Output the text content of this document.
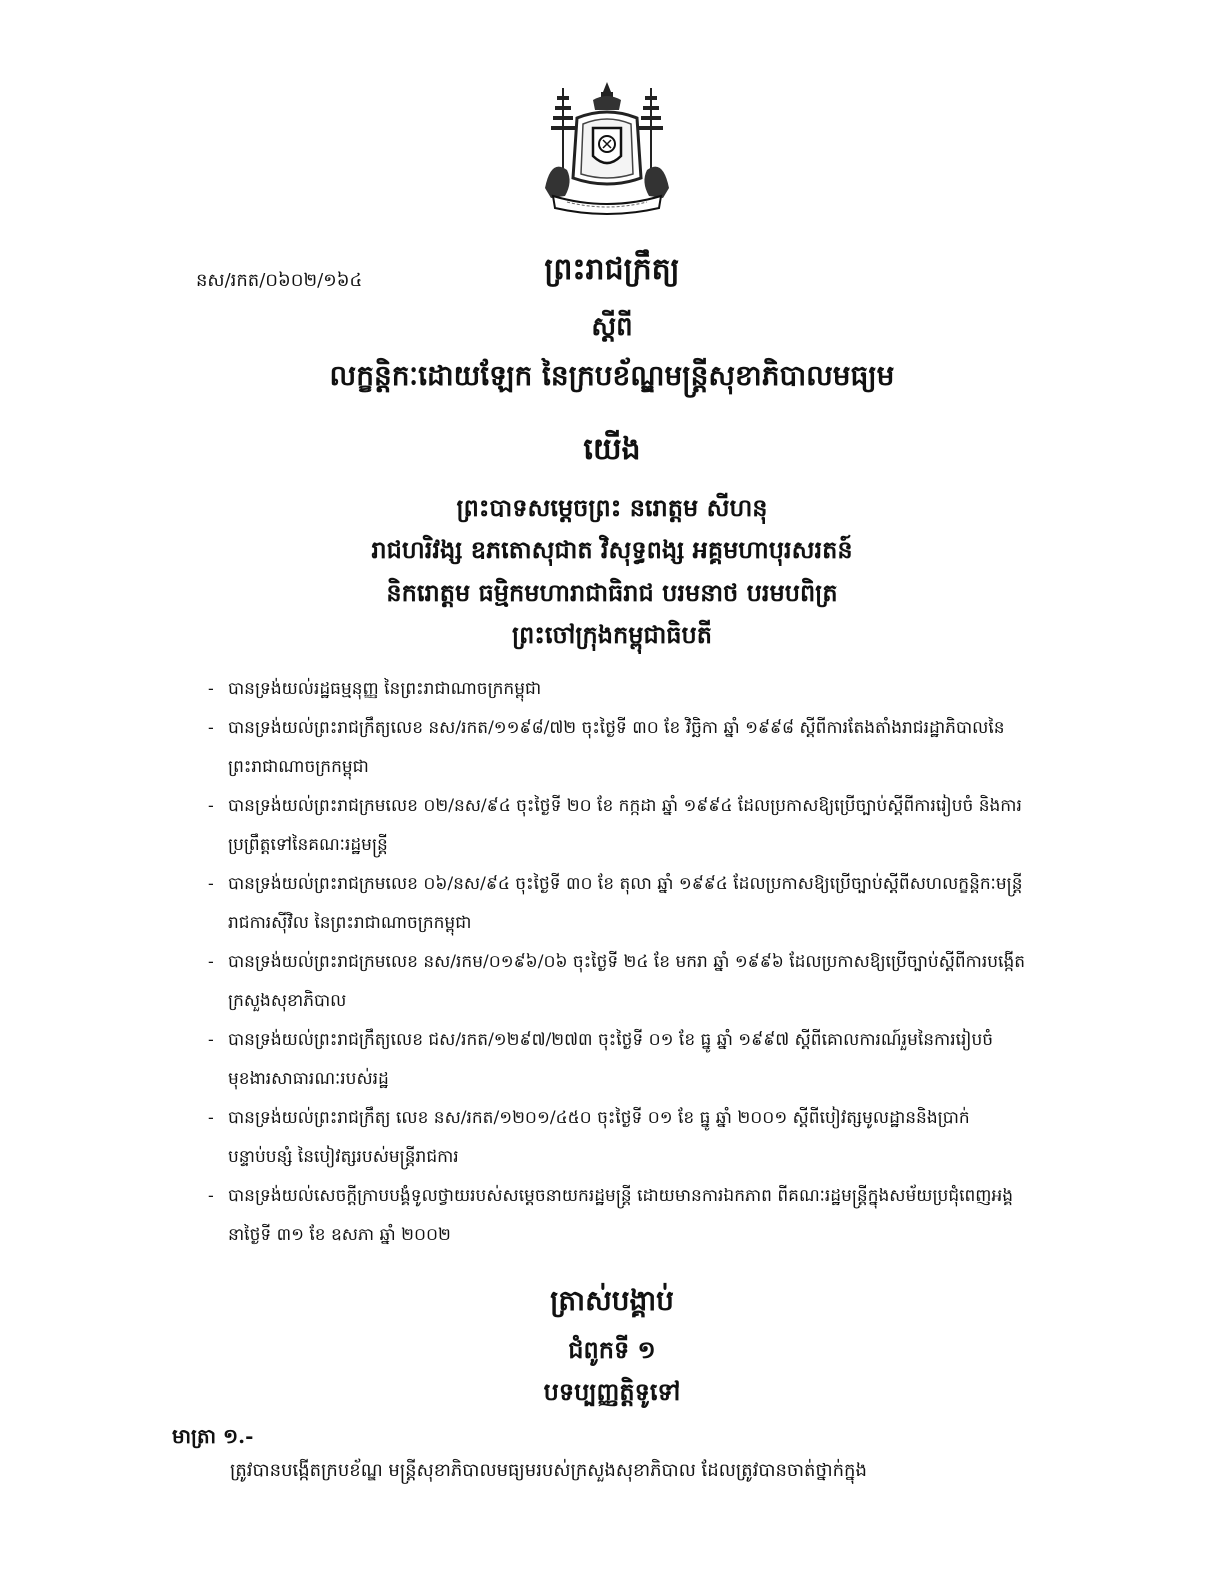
នស/រកត/០៦០២/១៦៤	ព្រះរាជក្រឹត្យ
ស្តីពី
លក្ខន្តិកៈដោយឡែក នៃក្របខ័ណ្ឌមន្ត្រីសុខាភិបាលមធ្យម
យើង
ព្រះបាទសម្តេចព្រះ នរោត្តម សីហនុ
រាជហរិវង្ស ឧភតោសុជាត វិសុទ្ធពង្ស អគ្គមហាបុរសរតន៍
និករោត្តម ធម្មិកមហារាជាធិរាជ បរមនាថ បរមបពិត្រ
ព្រះចៅក្រុងកម្ពុជាធិបតី
- បានទ្រង់យល់រដ្ឋធម្មនុញ្ញ នៃព្រះរាជាណាចក្រកម្ពុជា
- បានទ្រង់យល់ព្រះរាជក្រឹត្យលេខ នស/រកត/១១៩៨/៧២ ចុះថ្ងៃទី ៣០ ខែ វិច្ឆិកា ឆ្នាំ ១៩៩៨ ស្តីពីការតែងតាំងរាជរដ្ឋាភិបាលនៃព្រះរាជាណាចក្រកម្ពុជា
- បានទ្រង់យល់ព្រះរាជក្រមលេខ ០២/នស/៩៤ ចុះថ្ងៃទី ២០ ខែ កក្កដា ឆ្នាំ ១៩៩៤ ដែលប្រកាសឱ្យប្រើច្បាប់ស្តីពីការរៀបចំ និងការប្រព្រឹត្តទៅនៃគណៈរដ្ឋមន្ត្រី
- បានទ្រង់យល់ព្រះរាជក្រមលេខ ០៦/នស/៩៤ ចុះថ្ងៃទី ៣០ ខែ តុលា ឆ្នាំ ១៩៩៤ ដែលប្រកាសឱ្យប្រើច្បាប់ស្តីពីសហលក្ខន្តិកៈមន្ត្រីរាជការស៊ីវិល នៃព្រះរាជាណាចក្រកម្ពុជា
- បានទ្រង់យល់ព្រះរាជក្រមលេខ នស/រកម/០១៩៦/០៦ ចុះថ្ងៃទី ២៤ ខែ មករា ឆ្នាំ ១៩៩៦ ដែលប្រកាសឱ្យប្រើច្បាប់ស្តីពីការបង្កើតក្រសួងសុខាភិបាល
- បានទ្រង់យល់ព្រះរាជក្រឹត្យលេខ ជស/រកត/១២៩៧/២៧៣ ចុះថ្ងៃទី ០១ ខែ ធ្នូ ឆ្នាំ ១៩៩៧ ស្តីពីគោលការណ៍រួមនៃការរៀបចំមុខងារសាធារណៈរបស់រដ្ឋ
- បានទ្រង់យល់ព្រះរាជក្រឹត្យ លេខ នស/រកត/១២០១/៤៥០ ចុះថ្ងៃទី ០១ ខែ ធ្នូ ឆ្នាំ ២០០១ ស្តីពីបៀវត្សមូលដ្ឋាននិងប្រាក់បន្ទាប់បន្សំ នៃបៀវត្សរបស់មន្ត្រីរាជការ
- បានទ្រង់យល់សេចក្តីក្រាបបង្គំទូលថ្វាយរបស់សម្តេចនាយករដ្ឋមន្ត្រី ដោយមានការឯកភាព ពីគណៈរដ្ឋមន្ត្រីក្នុងសម័យប្រជុំពេញអង្គ នាថ្ងៃទី ៣១ ខែ ឧសភា ឆ្នាំ ២០០២
ត្រាស់បង្គាប់
ជំពូកទី ១
បទប្បញ្ញត្តិទូទៅ
មាត្រា ១.-
ត្រូវបានបង្កើតក្របខ័ណ្ឌ មន្ត្រីសុខាភិបាលមធ្យមរបស់ក្រសួងសុខាភិបាល ដែលត្រូវបានចាត់ថ្នាក់ក្នុង
